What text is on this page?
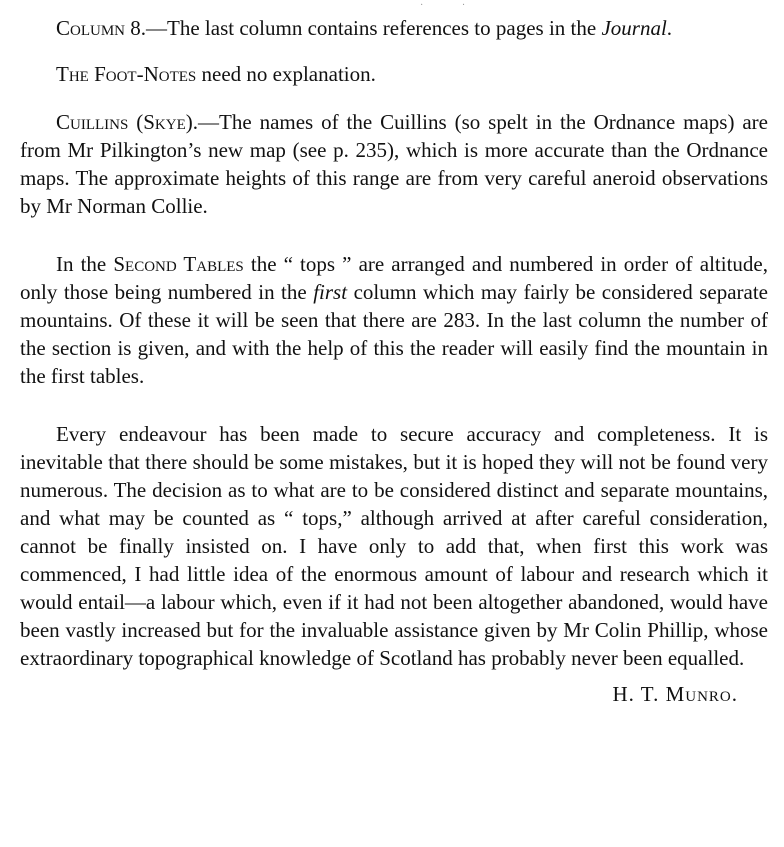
· ·

Column 8.—The last column contains references to pages in the Journal.

The Foot-Notes need no explanation.

Cuillins (Skye).—The names of the Cuillins (so spelt in the Ordnance maps) are from Mr Pilkington’s new map (see p. 235), which is more accurate than the Ordnance maps. The approximate heights of this range are from very careful aneroid observations by Mr Norman Collie.

In the Second Tables the “ tops ” are arranged and numbered in order of altitude, only those being numbered in the first column which may fairly be considered separate mountains. Of these it will be seen that there are 283. In the last column the number of the section is given, and with the help of this the reader will easily find the mountain in the first tables.

Every endeavour has been made to secure accuracy and completeness. It is inevitable that there should be some mistakes, but it is hoped they will not be found very numerous. The decision as to what are to be considered distinct and separate mountains, and what may be counted as “ tops,” although arrived at after careful consideration, cannot be finally insisted on. I have only to add that, when first this work was commenced, I had little idea of the enormous amount of labour and research which it would entail—a labour which, even if it had not been altogether abandoned, would have been vastly increased but for the invaluable assistance given by Mr Colin Phillip, whose extraordinary topographical knowledge of Scotland has probably never been equalled.

H. T. Munro.
